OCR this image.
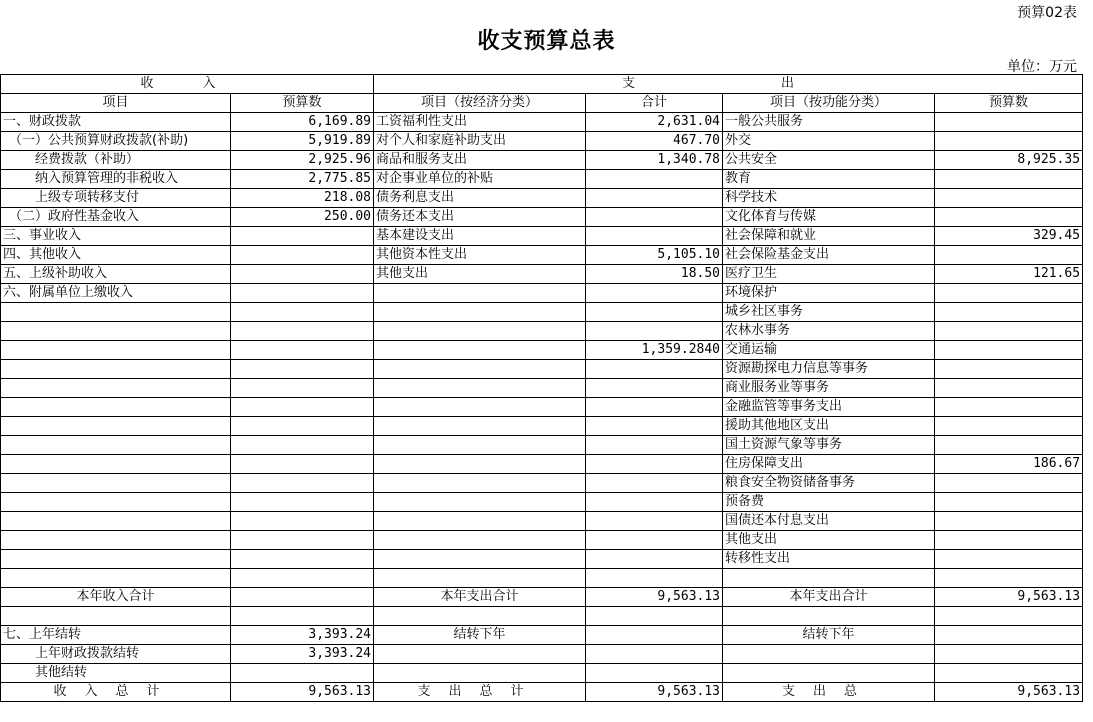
预算02表
收支预算总表
单位：万元
收　入		支　　出			
项目	预算数	项目（按经济分类）	合计	项目（按功能分类）	预算数
一、财政拨款	6,169.89	工资福利性支出	2,631.04	一般公共服务	
（一）公共预算财政拨款(补助)	5,919.89	对个人和家庭补助支出	467.70	外交	
经费拨款（补助）	2,925.96	商品和服务支出	1,340.78	公共安全	8,925.35
纳入预算管理的非税收入	2,775.85	对企事业单位的补贴		教育	
上级专项转移支付	218.08	债务利息支出		科学技术	
（二）政府性基金收入	250.00	债务还本支出		文化体育与传媒	
三、事业收入		基本建设支出		社会保障和就业	329.45
四、其他收入		其他资本性支出	5,105.10	社会保险基金支出	
五、上级补助收入		其他支出	18.50	医疗卫生	121.65
六、附属单位上缴收入				环境保护	
				城乡社区事务	
				农林水事务	
			1,359.2840	交通运输	
				资源勘探电力信息等事务	
				商业服务业等事务	
				金融监管等事务支出	
				援助其他地区支出	
				国土资源气象等事务	
				住房保障支出	186.67
				粮食安全物资储备事务	
				预备费	
				国债还本付息支出	
				其他支出	
				转移性支出	

本年收入合计		本年支出合计	9,563.13	本年支出合计	9,563.13

七、上年结转	3,393.24	结转下年		结转下年	
上年财政拨款结转	3,393.24				
其他结转					
收入总计	9,563.13	支出总计	9,563.13	支出总	9,563.13
